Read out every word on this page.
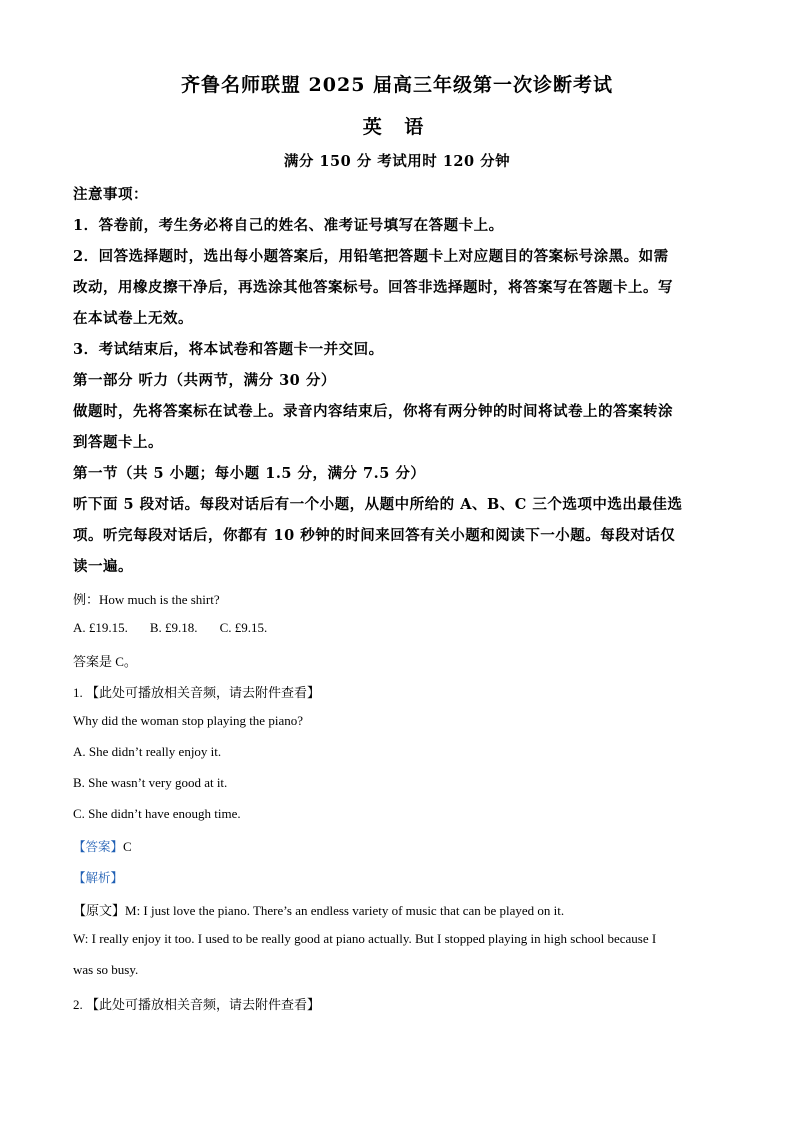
齐鲁名师联盟 2025 届高三年级第一次诊断考试
英 语
满分 150 分 考试用时 120 分钟
注意事项：
1．答卷前，考生务必将自己的姓名、准考证号填写在答题卡上。
2．回答选择题时，选出每小题答案后，用铅笔把答题卡上对应题目的答案标号涂黑。如需
改动，用橡皮擦干净后，再选涂其他答案标号。回答非选择题时，将答案写在答题卡上。写
在本试卷上无效。
3．考试结束后，将本试卷和答题卡一并交回。
第一部分 听力（共两节，满分 30 分）
做题时，先将答案标在试卷上。录音内容结束后，你将有两分钟的时间将试卷上的答案转涂
到答题卡上。
第一节（共 5 小题；每小题 1.5 分，满分 7.5 分）
听下面 5 段对话。每段对话后有一个小题，从题中所给的 A、B、C 三个选项中选出最佳选
项。听完每段对话后，你都有 10 秒钟的时间来回答有关小题和阅读下一小题。每段对话仅
读一遍。
例：How much is the shirt?
A. £19.15. B. £9.18. C. £9.15.
答案是 C。
1. 【此处可播放相关音频，请去附件查看】
Why did the woman stop playing the piano?
A. She didn’t really enjoy it.
B. She wasn’t very good at it.
C. She didn’t have enough time.
【答案】C
【解析】
【原文】M: I just love the piano. There’s an endless variety of music that can be played on it.
W: I really enjoy it too. I used to be really good at piano actually. But I stopped playing in high school because I
was so busy.
2. 【此处可播放相关音频，请去附件查看】
